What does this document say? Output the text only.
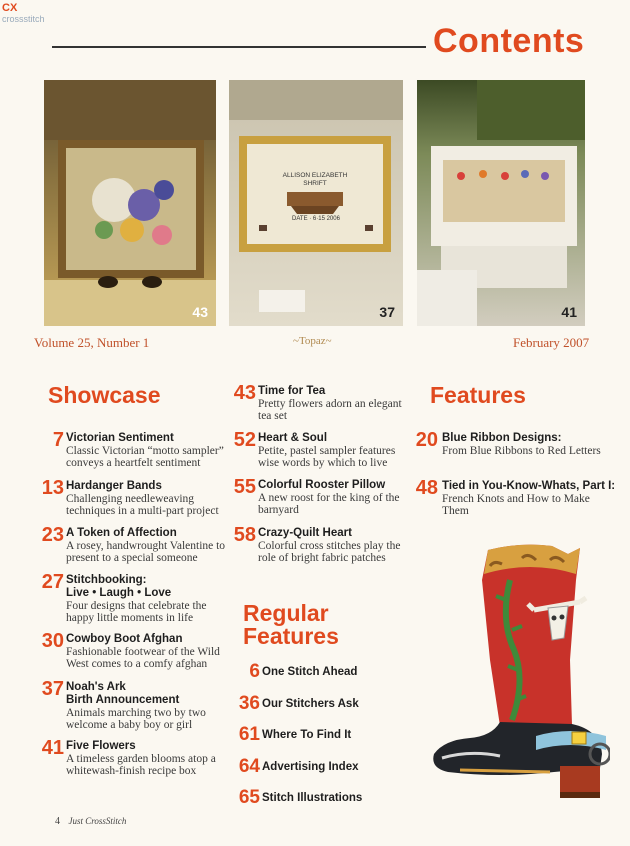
CX crossstitch
Contents
43
ALLISON ELIZABETH
SHRIFT
DATE · 6·15 2006
37	41
Volume 25, Number 1	~Topaz~	February 2007
Showcase
7 Victorian Sentiment
Classic Victorian “motto sampler” conveys a heartfelt sentiment
13 Hardanger Bands
Challenging needleweaving techniques in a multi-part project
23 A Token of Affection
A rosey, handwrought Valentine to present to a special someone
27 Stitchbooking:
Live • Laugh • Love
Four designs that celebrate the happy little moments in life
30 Cowboy Boot Afghan
Fashionable footwear of the Wild West comes to a comfy afghan
37 Noah's Ark
Birth Announcement
Animals marching two by two welcome a baby boy or girl
41 Five Flowers
A timeless garden blooms atop a whitewash-finish recipe box
43 Time for Tea
Pretty flowers adorn an elegant tea set
52 Heart & Soul
Petite, pastel sampler features wise words by which to live
55 Colorful Rooster Pillow
A new roost for the king of the barnyard
58 Crazy-Quilt Heart
Colorful cross stitches play the role of bright fabric patches
Regular
Features
6 One Stitch Ahead
36 Our Stitchers Ask
61 Where To Find It
64 Advertising Index
65 Stitch Illustrations
Features
20 Blue Ribbon Designs:
From Blue Ribbons to Red Letters
48 Tied in You-Know-Whats, Part I:
French Knots and How to Make Them
4 Just CrossStitch
